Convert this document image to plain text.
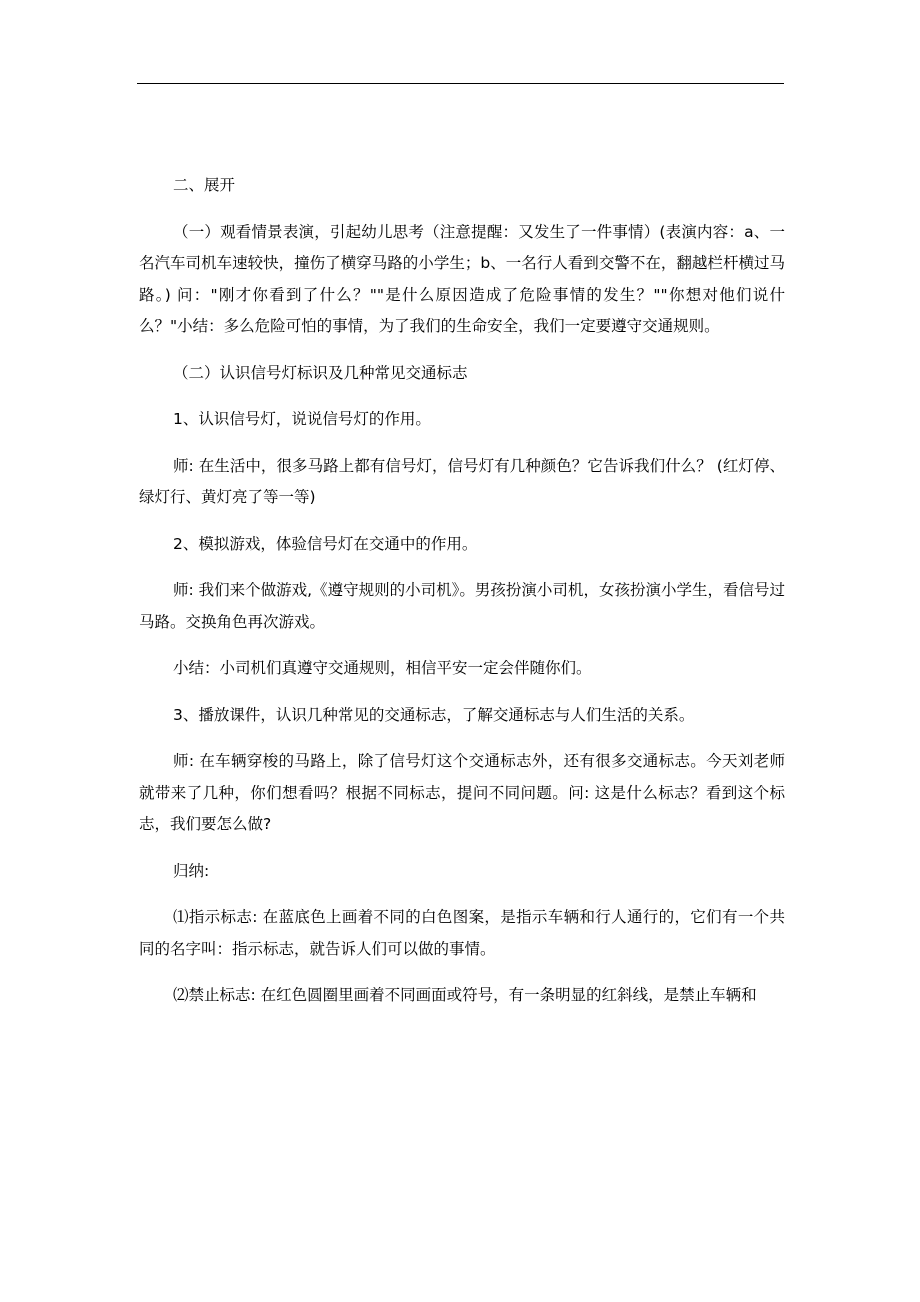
二、展开

（一）观看情景表演，引起幼儿思考（注意提醒：又发生了一件事情）(表演内容：a、一名汽车司机车速较快，撞伤了横穿马路的小学生；b、一名行人看到交警不在，翻越栏杆横过马路。) 问："刚才你看到了什么？""是什么原因造成了危险事情的发生？""你想对他们说什么？"小结：多么危险可怕的事情，为了我们的生命安全，我们一定要遵守交通规则。

（二）认识信号灯标识及几种常见交通标志

1、认识信号灯，说说信号灯的作用。

师: 在生活中，很多马路上都有信号灯，信号灯有几种颜色？它告诉我们什么？ (红灯停、绿灯行、黄灯亮了等一等)

2、模拟游戏，体验信号灯在交通中的作用。

师: 我们来个做游戏,《遵守规则的小司机》。男孩扮演小司机，女孩扮演小学生，看信号过马路。交换角色再次游戏。

小结：小司机们真遵守交通规则，相信平安一定会伴随你们。

3、播放课件，认识几种常见的交通标志，了解交通标志与人们生活的关系。

师: 在车辆穿梭的马路上，除了信号灯这个交通标志外，还有很多交通标志。今天刘老师就带来了几种，你们想看吗？根据不同标志，提问不同问题。问: 这是什么标志？看到这个标志，我们要怎么做?

归纳:

⑴指示标志: 在蓝底色上画着不同的白色图案，是指示车辆和行人通行的，它们有一个共同的名字叫：指示标志，就告诉人们可以做的事情。

⑵禁止标志: 在红色圆圈里画着不同画面或符号，有一条明显的红斜线，是禁止车辆和
